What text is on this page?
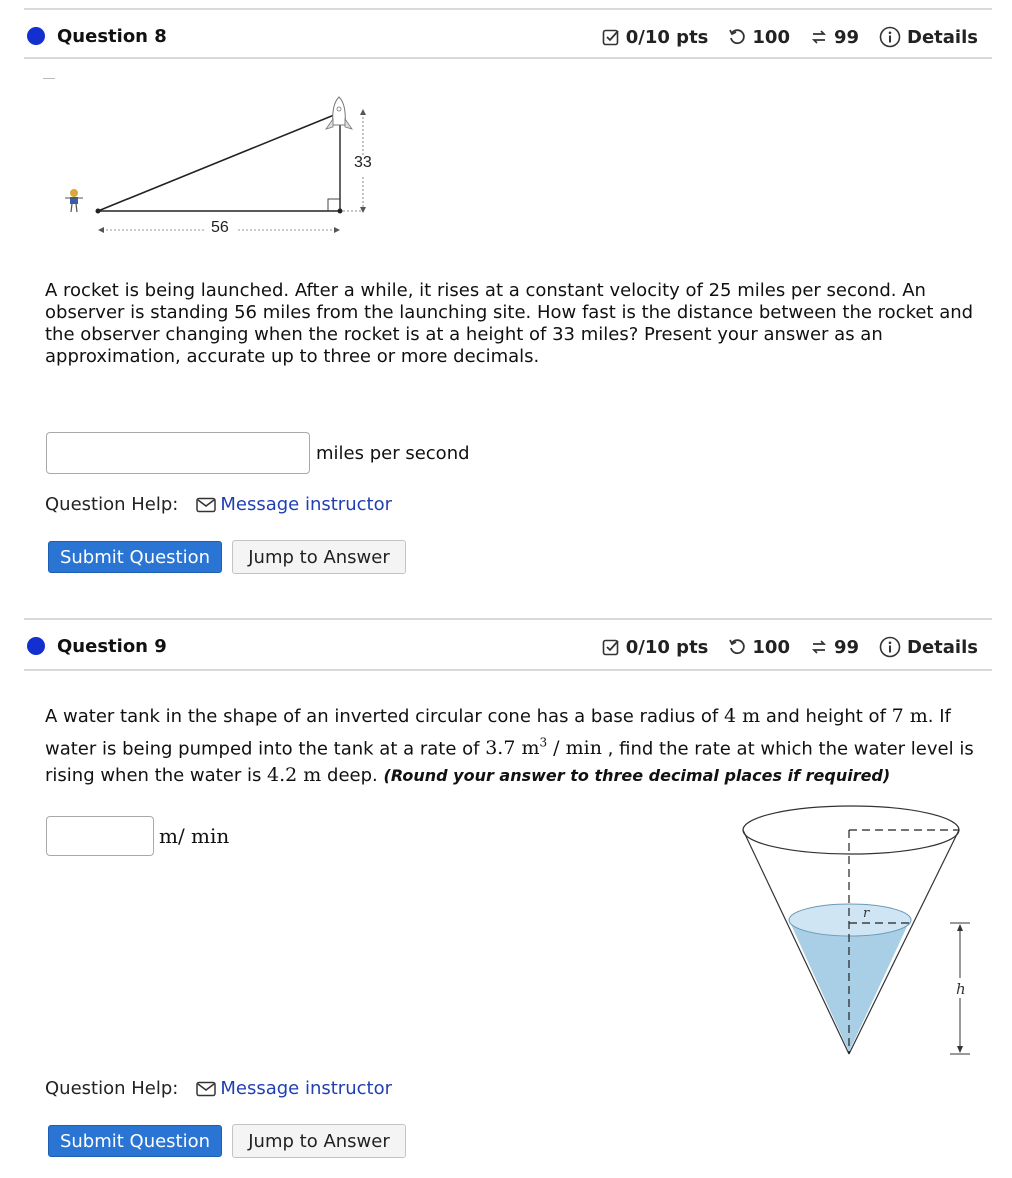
Question 8	0/10 pts 100 99	Details
33
56
A rocket is being launched. After a while, it rises at a constant velocity of 25 miles per second. An observer is standing 56 miles from the launching site. How fast is the distance between the rocket and the observer changing when the rocket is at a height of 33 miles? Present your answer as an approximation, accurate up to three or more decimals.
miles per second
Question Help: Message instructor
Submit Question	Jump to Answer
Question 9	0/10 pts 100 99	Details
A water tank in the shape of an inverted circular cone has a base radius of 4 m and height of 7 m. If water is being pumped into the tank at a rate of 3.7 $m^3$ / min , find the rate at which the water level is rising when the water is 4.2 m deep. (Round your answer to three decimal places if required)
m/ min
r
h
Question Help: Message instructor
Submit Question	Jump to Answer
